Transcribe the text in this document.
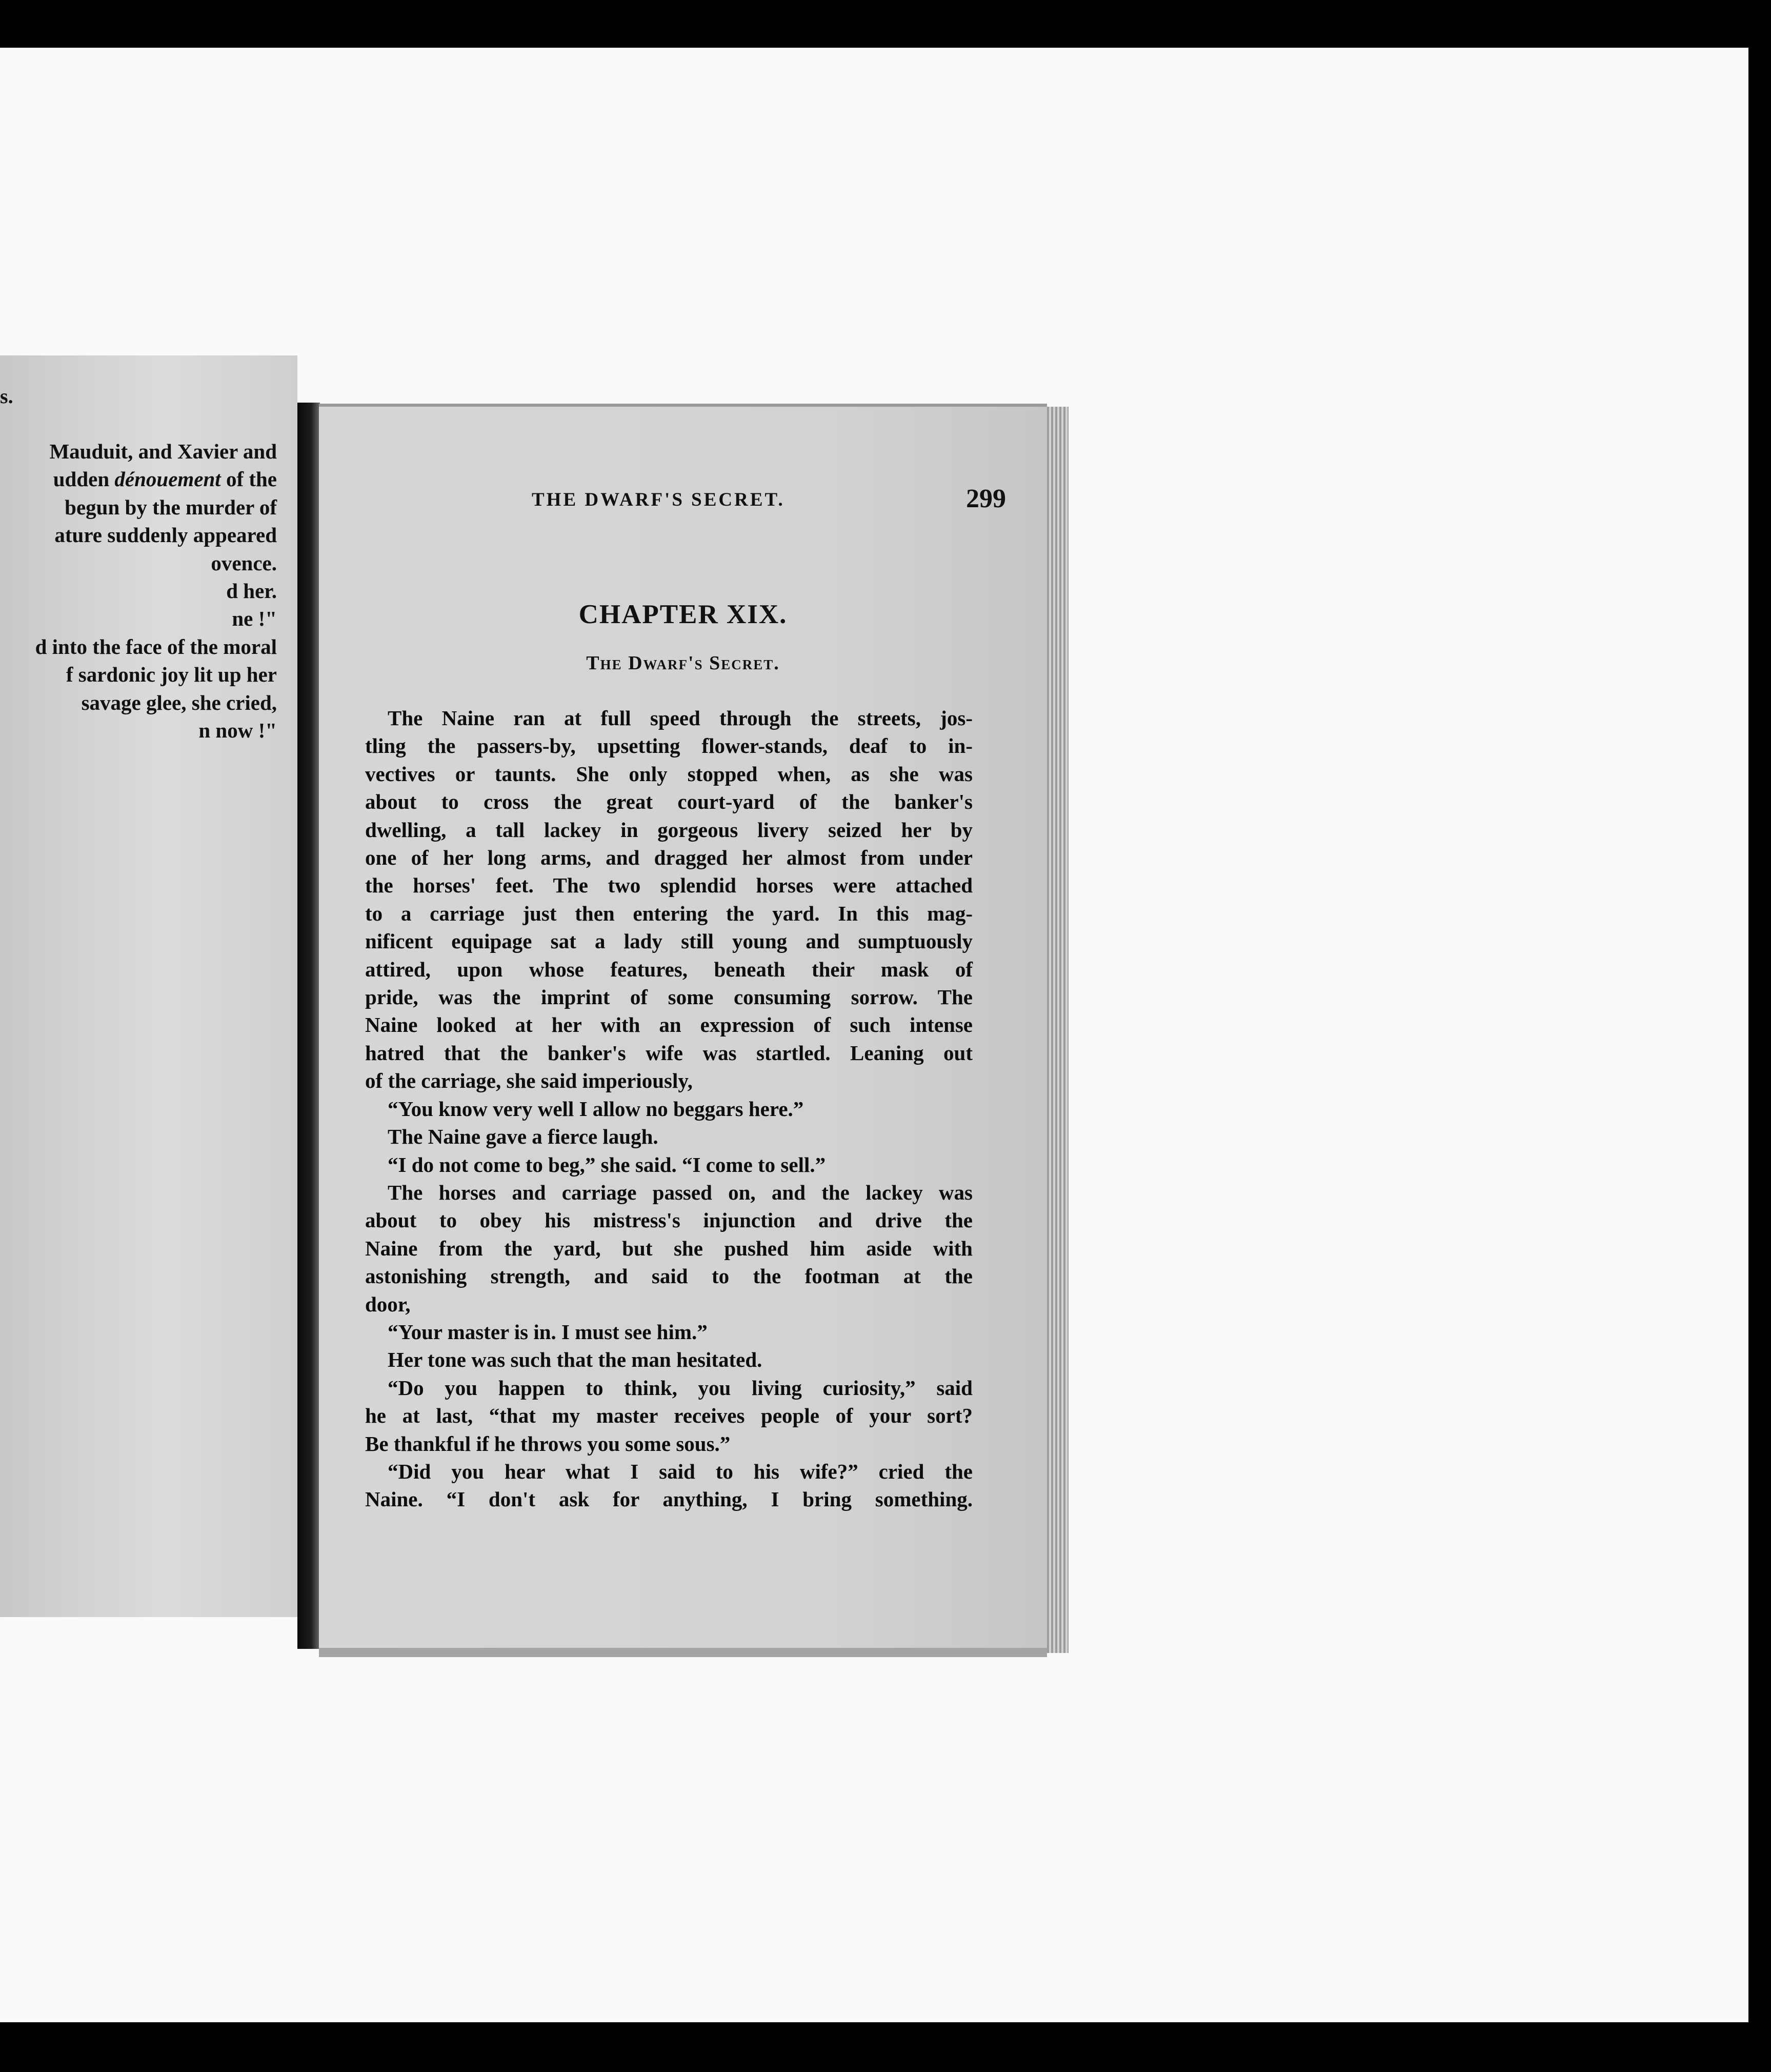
s.
Mauduit, and Xavier and
udden dénouement of the
begun by the murder of
ature suddenly appeared
ovence.
d her.
ne !"
d into the face of the moral
f sardonic joy lit up her
savage glee, she cried,
n now !"
THE DWARF'S SECRET.	299
CHAPTER XIX.
The Dwarf's Secret.
The Naine ran at full speed through the streets, jos-
tling the passers-by, upsetting flower-stands, deaf to in-
vectives or taunts. She only stopped when, as she was
about to cross the great court-yard of the banker's
dwelling, a tall lackey in gorgeous livery seized her by
one of her long arms, and dragged her almost from under
the horses' feet. The two splendid horses were attached
to a carriage just then entering the yard. In this mag-
nificent equipage sat a lady still young and sumptuously
attired, upon whose features, beneath their mask of
pride, was the imprint of some consuming sorrow. The
Naine looked at her with an expression of such intense
hatred that the banker's wife was startled. Leaning out
of the carriage, she said imperiously,
“You know very well I allow no beggars here.”
The Naine gave a fierce laugh.
“I do not come to beg,” she said. “I come to sell.”
The horses and carriage passed on, and the lackey was
about to obey his mistress's injunction and drive the
Naine from the yard, but she pushed him aside with
astonishing strength, and said to the footman at the
door,
“Your master is in. I must see him.”
Her tone was such that the man hesitated.
“Do you happen to think, you living curiosity,” said
he at last, “that my master receives people of your sort?
Be thankful if he throws you some sous.”
“Did you hear what I said to his wife?” cried the
Naine. “I don't ask for anything, I bring something.
